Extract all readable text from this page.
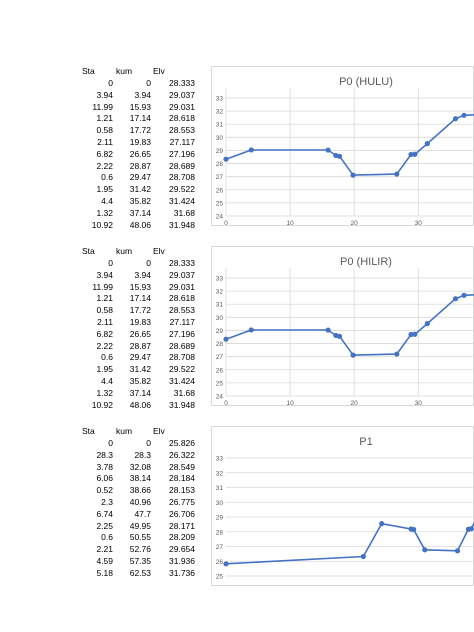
Sta kum Elv
0	0	28.333
3.94	3.94	29.037
11.99	15.93	29.031
1.21	17.14	28.618
0.58	17.72	28.553
2.11	19.83	27.117
6.82	26.65	27.196
2.22	28.87	28.689
0.6	29.47	28.708
1.95	31.42	29.522
4.4	35.82	31.424
1.32	37.14	31.68
10.92	48.06	31.948
P0 (HULU)
24
25
26
27
28
29
30
31
32
33
0	10	20	30
Sta kum Elv
0	0	28.333
3.94	3.94	29.037
11.99	15.93	29.031
1.21	17.14	28.618
0.58	17.72	28.553
2.11	19.83	27.117
6.82	26.65	27.196
2.22	28.87	28.689
0.6	29.47	28.708
1.95	31.42	29.522
4.4	35.82	31.424
1.32	37.14	31.68
10.92	48.06	31.948
P0 (HILIR)
24
25
26
27
28
29
30
31
32
33
0	10	20	30
Sta kum Elv
0	0	25.826
28.3	28.3	26.322
3.78	32.08	28.549
6.06	38.14	28.184
0.52	38.66	28.153
2.3	40.96	26.775
6.74	47.7	26.706
2.25	49.95	28.171
0.6	50.55	28.209
2.21	52.76	29.654
4.59	57.35	31.936
5.18	62.53	31.736
P1
25
26
27
28
29
30
31
32
33
